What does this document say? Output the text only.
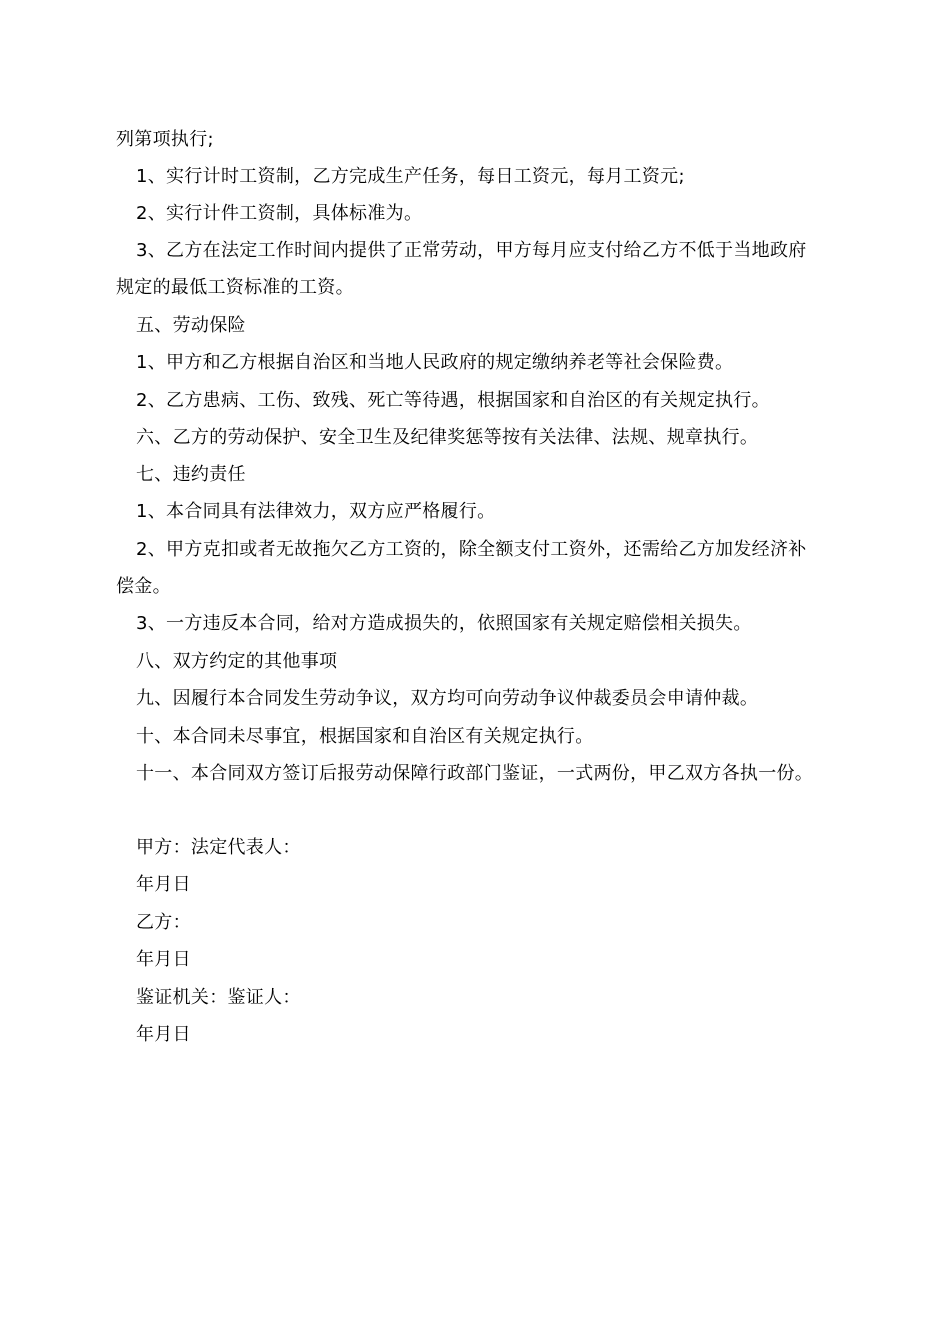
列第项执行;
1、实行计时工资制，乙方完成生产任务，每日工资元，每月工资元;
2、实行计件工资制，具体标准为。
3、乙方在法定工作时间内提供了正常劳动，甲方每月应支付给乙方不低于当地政府
规定的最低工资标准的工资。
五、劳动保险
1、甲方和乙方根据自治区和当地人民政府的规定缴纳养老等社会保险费。
2、乙方患病、工伤、致残、死亡等待遇，根据国家和自治区的有关规定执行。
六、乙方的劳动保护、安全卫生及纪律奖惩等按有关法律、法规、规章执行。
七、违约责任
1、本合同具有法律效力，双方应严格履行。
2、甲方克扣或者无故拖欠乙方工资的，除全额支付工资外，还需给乙方加发经济补
偿金。
3、一方违反本合同，给对方造成损失的，依照国家有关规定赔偿相关损失。
八、双方约定的其他事项
九、因履行本合同发生劳动争议，双方均可向劳动争议仲裁委员会申请仲裁。
十、本合同未尽事宜，根据国家和自治区有关规定执行。
十一、本合同双方签订后报劳动保障行政部门鉴证，一式两份，甲乙双方各执一份。
甲方：法定代表人：
年月日
乙方：
年月日
鉴证机关：鉴证人：
年月日
